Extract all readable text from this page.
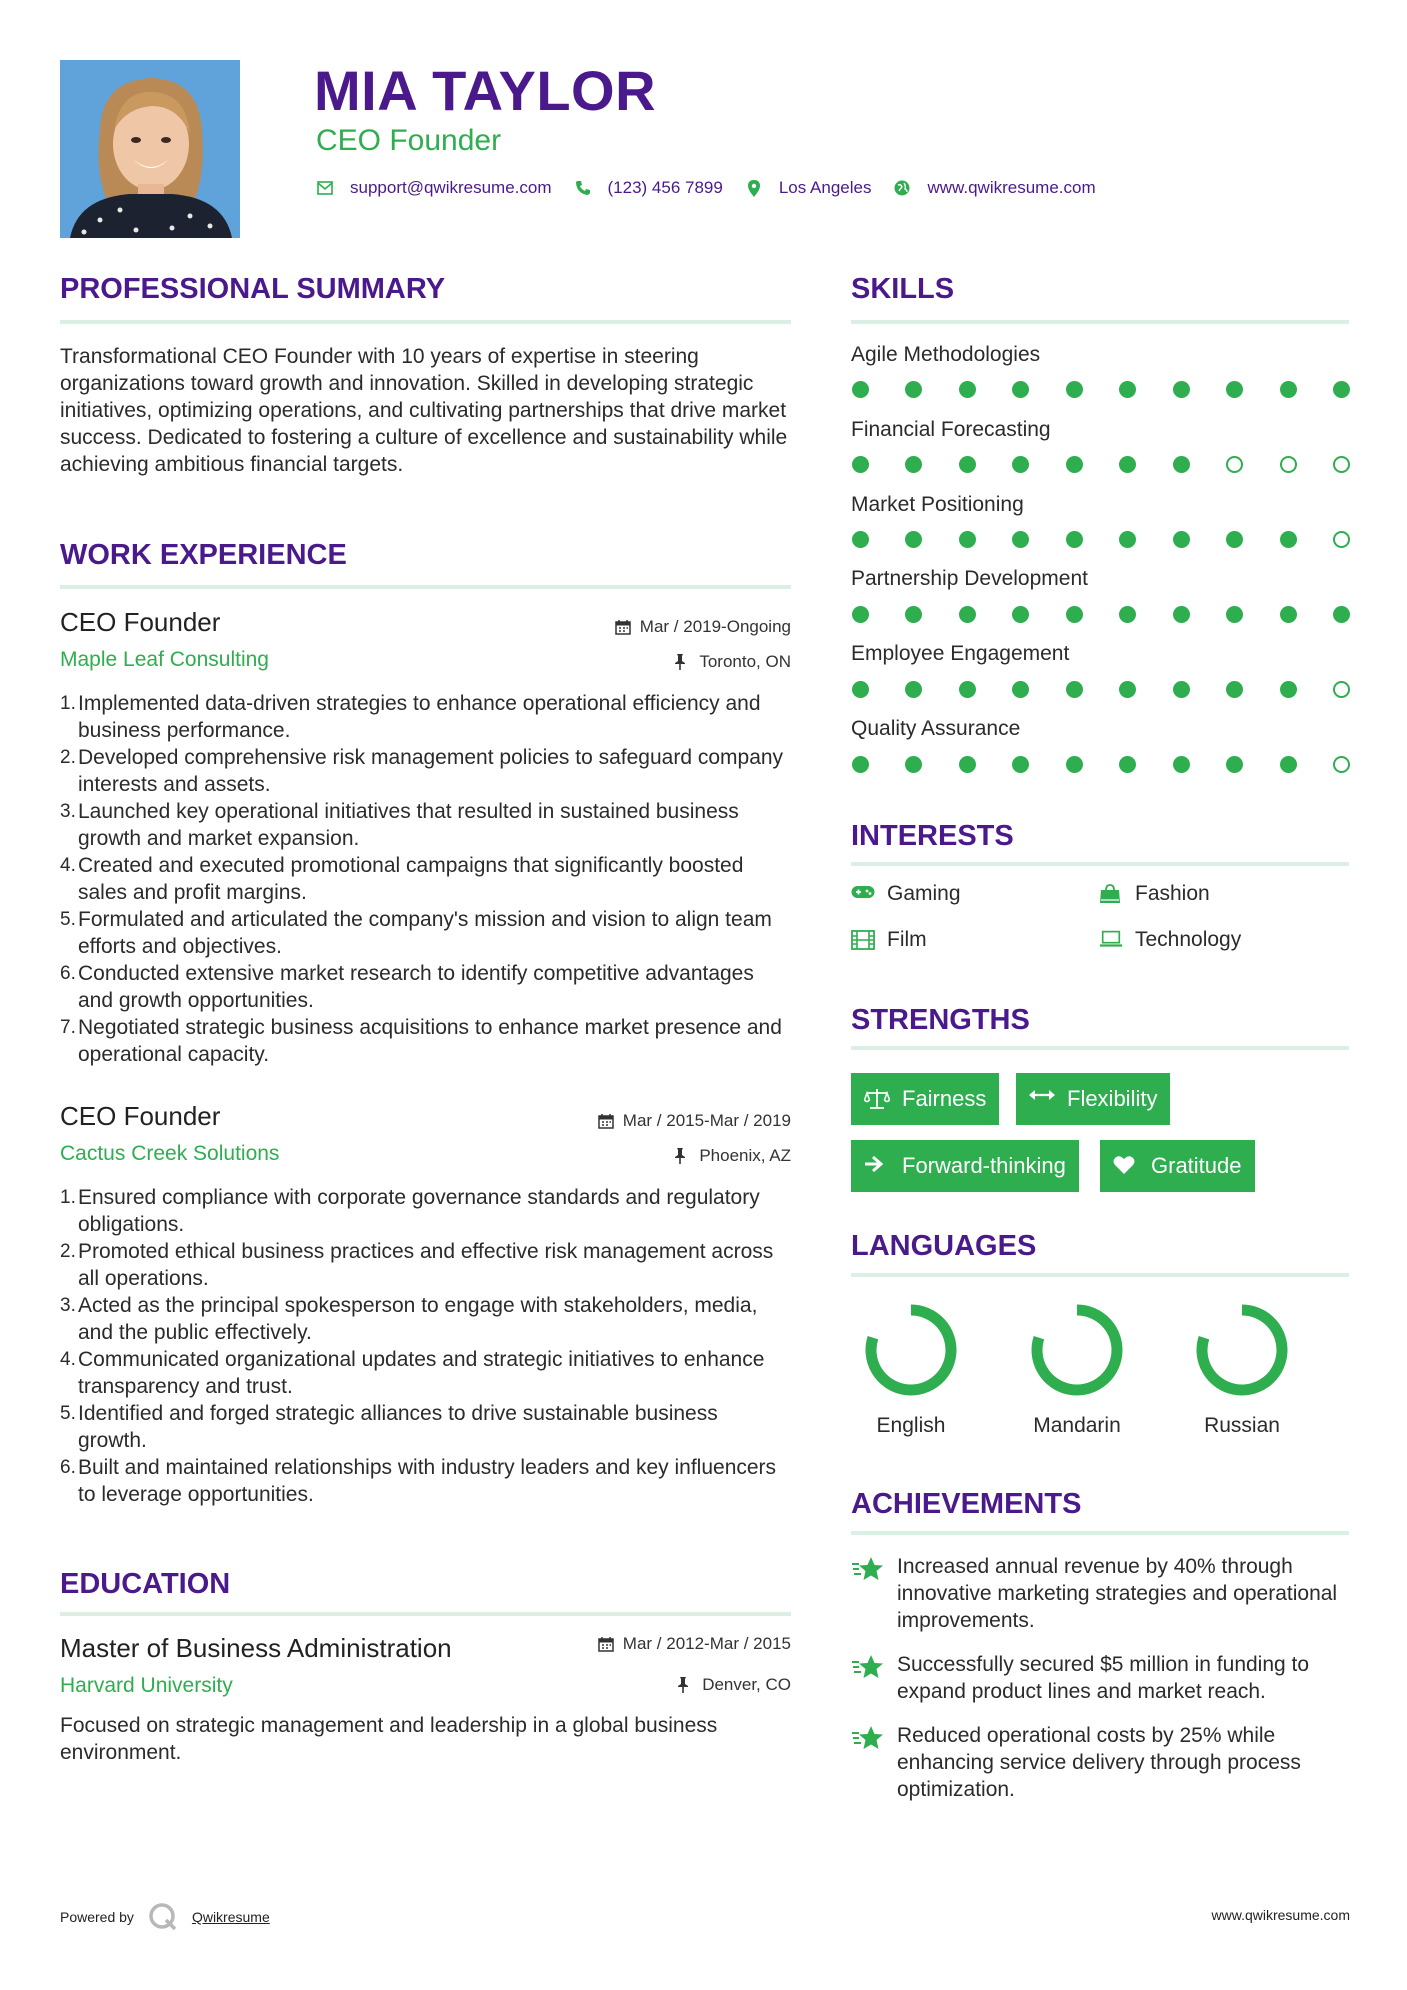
MIA TAYLOR
CEO Founder
support@qwikresume.com	(123) 456 7899	Los Angeles	www.qwikresume.com
PROFESSIONAL SUMMARY
Transformational CEO Founder with 10 years of expertise in steering organizations toward growth and innovation. Skilled in developing strategic initiatives, optimizing operations, and cultivating partnerships that drive market success. Dedicated to fostering a culture of excellence and sustainability while achieving ambitious financial targets.
WORK EXPERIENCE
CEO Founder
Maple Leaf Consulting
Mar / 2019-Ongoing
Toronto, ON
Implemented data-driven strategies to enhance operational efficiency and business performance.
Developed comprehensive risk management policies to safeguard company interests and assets.
Launched key operational initiatives that resulted in sustained business growth and market expansion.
Created and executed promotional campaigns that significantly boosted sales and profit margins.
Formulated and articulated the company's mission and vision to align team efforts and objectives.
Conducted extensive market research to identify competitive advantages and growth opportunities.
Negotiated strategic business acquisitions to enhance market presence and operational capacity.
CEO Founder
Cactus Creek Solutions
Mar / 2015-Mar / 2019
Phoenix, AZ
Ensured compliance with corporate governance standards and regulatory obligations.
Promoted ethical business practices and effective risk management across all operations.
Acted as the principal spokesperson to engage with stakeholders, media, and the public effectively.
Communicated organizational updates and strategic initiatives to enhance transparency and trust.
Identified and forged strategic alliances to drive sustainable business growth.
Built and maintained relationships with industry leaders and key influencers to leverage opportunities.
EDUCATION
Master of Business Administration
Harvard University
Mar / 2012-Mar / 2015
Denver, CO
Focused on strategic management and leadership in a global business environment.
SKILLS
Agile Methodologies
Financial Forecasting
Market Positioning
Partnership Development
Employee Engagement
Quality Assurance
INTERESTS
Gaming	Fashion
Film	Technology
STRENGTHS
Fairness	Flexibility
Forward-thinking	Gratitude
LANGUAGES
English	Mandarin	Russian
ACHIEVEMENTS
Increased annual revenue by 40% through innovative marketing strategies and operational improvements.
Successfully secured $5 million in funding to expand product lines and market reach.
Reduced operational costs by 25% while enhancing service delivery through process optimization.
Powered by	Qwikresume	www.qwikresume.com
